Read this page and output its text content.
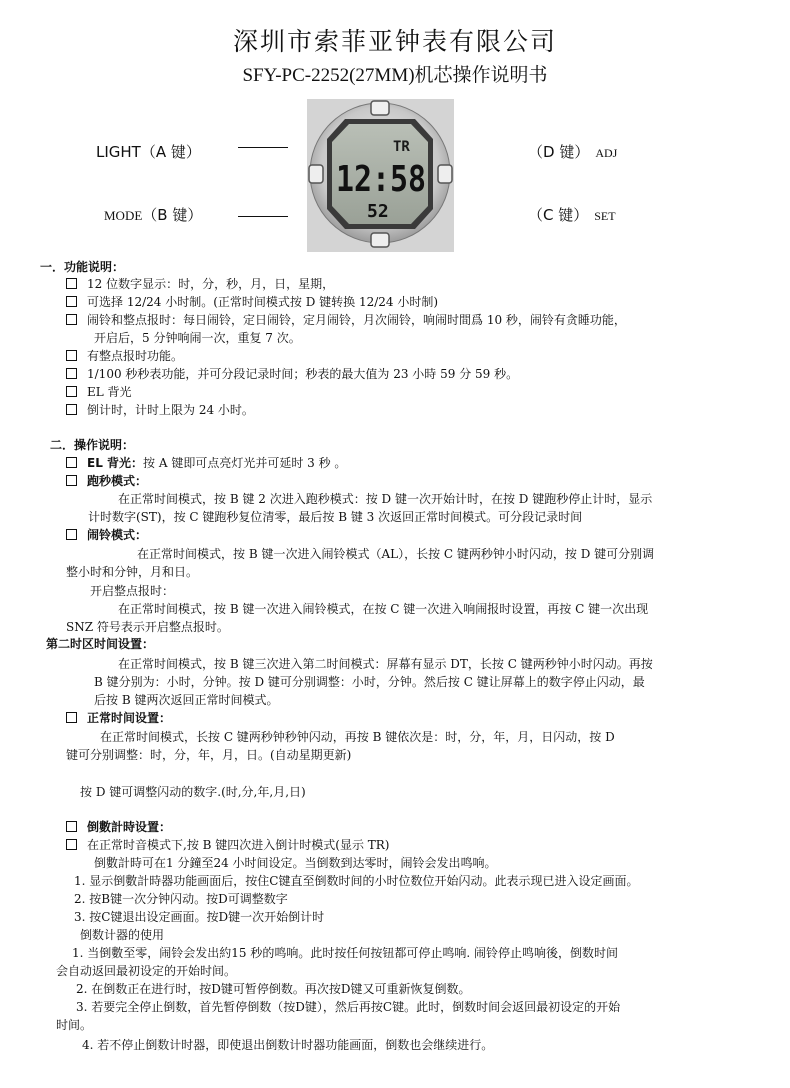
深圳市索菲亚钟表有限公司
SFY-PC-2252(27MM)机芯操作说明书
LIGHT（A 键）
MODE（B 键）
（D 键） ADJ
（C 键） SET
TR
12:58
52
一．功能说明：
12 位数字显示：时，分，秒，月，日，星期，
可选择 12/24 小时制。(正常时间模式按 D 键转换 12/24 小时制)
闹铃和整点报时：每日闹铃，定日闹铃，定月闹铃，月次闹铃，响闹时間爲 10 秒，闹铃有贪睡功能，
开启后，5 分钟响闹一次，重复 7 次。
有整点报时功能。
1/100 秒秒表功能，并可分段记录时间；秒表的最大值为 23 小時 59 分 59 秒。
EL 背光
倒计时，计时上限为 24 小时。
二．操作说明：
EL 背光：按 A 键即可点亮灯光并可延时 3 秒 。
跑秒模式：
在正常时间模式，按 B 键 2 次进入跑秒模式：按 D 键一次开始计时，在按 D 键跑秒停止计时，显示
计时数字(ST)，按 C 键跑秒复位清零，最后按 B 键 3 次返回正常时间模式。可分段记录时间
闹铃模式：
在正常时间模式，按 B 键一次进入闹铃模式（AL），长按 C 键两秒钟小时闪动，按 D 键可分别调
整小时和分钟，月和日。
开启整点报时：
在正常时间模式，按 B 键一次进入闹铃模式，在按 C 键一次进入响闹报时设置，再按 C 键一次出现
SNZ 符号表示开启整点报时。
第二时区时间设置：
在正常时间模式，按 B 键三次进入第二时间模式：屏幕有显示 DT，长按 C 键两秒钟小时闪动。再按
B 键分别为：小时，分钟。按 D 键可分别调整：小时，分钟。然后按 C 键让屏幕上的数字停止闪动，最
后按 B 键两次返回正常时间模式。
正常时间设置：
在正常时间模式，长按 C 键两秒钟秒钟闪动，再按 B 键依次是：时，分，年，月，日闪动，按 D
键可分别调整：时，分，年，月，日。(自动星期更新)
按 D 键可调整闪动的数字.(时,分,年,月,日)
倒數計時设置：
在正常时音模式下,按 B 键四次进入倒计时模式(显示 TR)
倒數計時可在1 分鐘至24 小时间设定。当倒数到达零时，闹铃会发出鸣响。
1. 显示倒數計時器功能画面后，按住C键直至倒数时间的小时位数位开始闪动。此表示现已进入设定画面。
2. 按B键一次分钟闪动。按D可调整数字
3. 按C键退出设定画面。按D键一次开始倒计时
倒数计器的使用
1. 当倒數至零，闹铃会发出約15 秒的鸣响。此时按任何按钮都可停止鸣响. 闹铃停止鸣响後，倒数时间
会自动返回最初设定的开始时间。
2. 在倒数正在进行时，按D键可暂停倒数。再次按D键又可重新恢复倒数。
3. 若要完全停止倒数，首先暂停倒数（按D键），然后再按C键。此时，倒数时间会返回最初设定的开始
时间。
4. 若不停止倒数计时器，即使退出倒数计时器功能画面，倒数也会继续进行。
